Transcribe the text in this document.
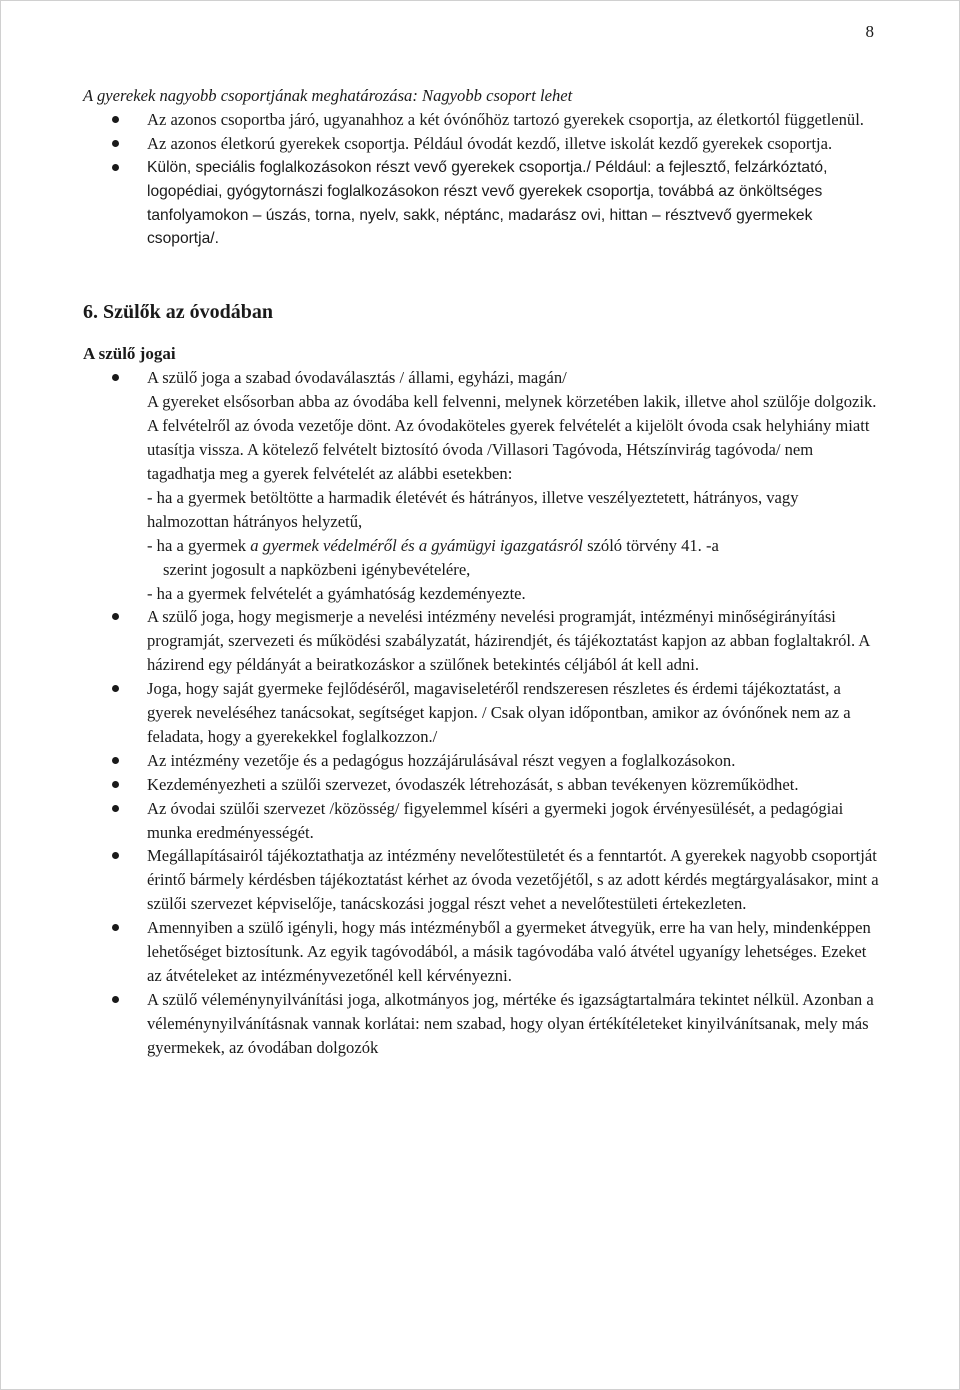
8

A gyerekek nagyobb csoportjának meghatározása: Nagyobb csoport lehet

Az azonos csoportba járó, ugyanahhoz a két óvónőhöz tartozó gyerekek csoportja, az életkortól függetlenül.
Az azonos életkorú gyerekek csoportja. Például óvodát kezdő, illetve iskolát kezdő gyerekek csoportja.
Külön, speciális foglalkozásokon részt vevő gyerekek csoportja./ Például: a fejlesztő, felzárkóztató, logopédiai, gyógytornászi foglalkozásokon részt vevő gyerekek csoportja, továbbá az önköltséges tanfolyamokon – úszás, torna, nyelv, sakk, néptánc, madarász ovi, hittan – résztvevő gyermekek csoportja/.
6. Szülők az óvodában
A szülő jogai
A szülő joga a szabad óvodaválasztás / állami, egyházi, magán/
A gyereket elsősorban abba az óvodába kell felvenni, melynek körzetében lakik, illetve ahol szülője dolgozik. A felvételről az óvoda vezetője dönt. Az óvodaköteles gyerek felvételét a kijelölt óvoda csak helyhiány miatt utasítja vissza. A kötelező felvételt biztosító óvoda /Villasori Tagóvoda, Hétszínvirág tagóvoda/ nem tagadhatja meg a gyerek felvételét az alábbi esetekben:
- ha a gyermek betöltötte a harmadik életévét és hátrányos, illetve veszélyeztetett, hátrányos, vagy halmozottan hátrányos helyzetű,
- ha a gyermek a gyermek védelméről és a gyámügyi igazgatásról szóló törvény 41. -a
szerint jogosult a napközbeni igénybevételére,
- ha a gyermek felvételét a gyámhatóság kezdeményezte.
A szülő joga, hogy megismerje a nevelési intézmény nevelési programját, intézményi minőségirányítási programját, szervezeti és működési szabályzatát, házirendjét, és tájékoztatást kapjon az abban foglaltakról. A házirend egy példányát a beiratkozáskor a szülőnek betekintés céljából át kell adni.
Joga, hogy saját gyermeke fejlődéséről, magaviseletéről rendszeresen részletes és érdemi tájékoztatást, a gyerek neveléséhez tanácsokat, segítséget kapjon. / Csak olyan időpontban, amikor az óvónőnek nem az a feladata, hogy a gyerekekkel foglalkozzon./
Az intézmény vezetője és a pedagógus hozzájárulásával részt vegyen a foglalkozásokon.
Kezdeményezheti a szülői szervezet, óvodaszék létrehozását, s abban tevékenyen közreműködhet.
Az óvodai szülői szervezet /közösség/ figyelemmel kíséri a gyermeki jogok érvényesülését, a pedagógiai munka eredményességét.
Megállapításairól tájékoztathatja az intézmény nevelőtestületét és a fenntartót. A gyerekek nagyobb csoportját érintő bármely kérdésben tájékoztatást kérhet az óvoda vezetőjétől, s az adott kérdés megtárgyalásakor, mint a szülői szervezet képviselője, tanácskozási joggal részt vehet a nevelőtestületi értekezleten.
Amennyiben a szülő igényli, hogy más intézményből a gyermeket átvegyük, erre ha van hely, mindenképpen lehetőséget biztosítunk. Az egyik tagóvodából, a másik tagóvodába való átvétel ugyanígy lehetséges. Ezeket az átvételeket az intézményvezetőnél kell kérvényezni.
A szülő véleménynyilvánítási joga, alkotmányos jog, mértéke és igazságtartalmára tekintet nélkül. Azonban a véleménynyilvánításnak vannak korlátai: nem szabad, hogy olyan értékítéleteket kinyilvánítsanak, mely más gyermekek, az óvodában dolgozók
